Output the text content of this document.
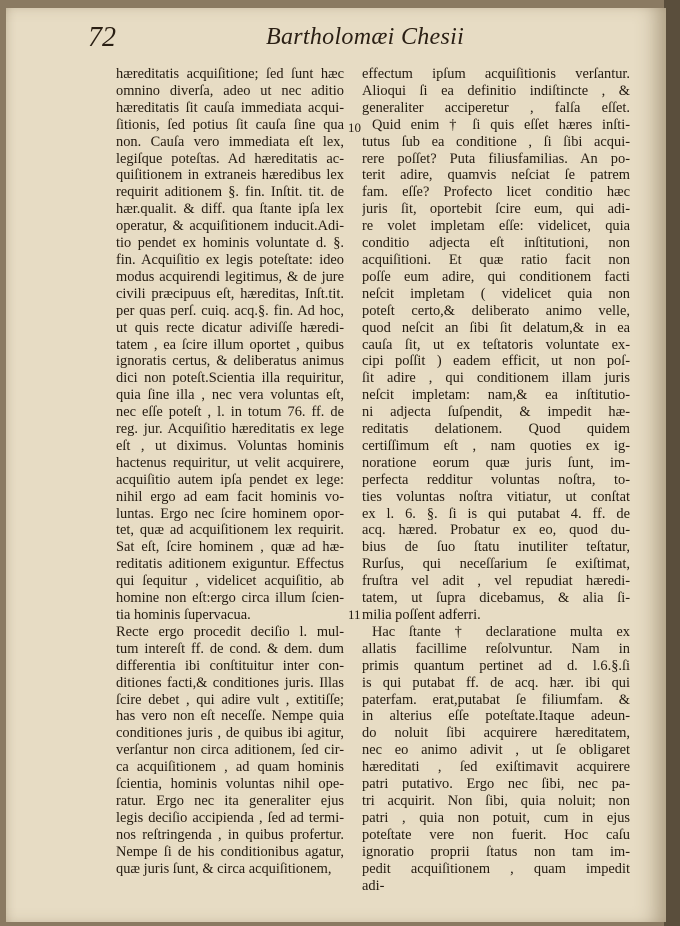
72	Bartholomæi Chesii
hæreditatis acquiſitione; ſed ſunt hæc
omnino diverſa, adeo ut nec aditio
hæreditatis ſit cauſa immediata acqui-
ſitionis, ſed potius ſit cauſa ſine qua
non. Cauſa vero immediata eſt lex,
legiſque poteſtas. Ad hæreditatis ac-
quiſitionem in extraneis hæredibus lex
requirit aditionem §. fin. Inſtit. tit. de
hær.qualit. & diff. qua ſtante ipſa lex
operatur, & acquiſitionem inducit.Adi-
tio pendet ex hominis voluntate d. §.
fin. Acquiſitio ex legis poteſtate: ideo
modus acquirendi legitimus, & de jure
civili præcipuus eſt, hæreditas, Inſt.tit.
per quas perſ. cuiq. acq.§. fin. Ad hoc,
ut quis recte dicatur adiviſſe hæredi-
tatem , ea ſcire illum oportet , quibus
ignoratis certus, & deliberatus animus
dici non poteſt.Scientia illa requiritur,
quia ſine illa , nec vera voluntas eſt,
nec eſſe poteſt , l. in totum 76. ff. de
reg. jur. Acquiſitio hæreditatis ex lege
eſt , ut diximus. Voluntas hominis
hactenus requiritur, ut velit acquirere,
acquiſitio autem ipſa pendet ex lege:
nihil ergo ad eam facit hominis vo-
luntas. Ergo nec ſcire hominem opor-
tet, quæ ad acquiſitionem lex requirit.
Sat eſt, ſcire hominem , quæ ad hæ-
reditatis aditionem exiguntur. Effectus
qui ſequitur , videlicet acquiſitio, ab
homine non eſt:ergo circa illum ſcien-
tia hominis ſupervacua.
Recte ergo procedit deciſio l. mul-
tum intereſt ff. de cond. & dem. dum
differentia ibi conſtituitur inter con-
ditiones facti,& conditiones juris. Illas
ſcire debet , qui adire vult , extitiſſe;
has vero non eſt neceſſe. Nempe quia
conditiones juris , de quibus ibi agitur,
verſantur non circa aditionem, ſed cir-
ca acquiſitionem , ad quam hominis
ſcientia, hominis voluntas nihil ope-
ratur. Ergo nec ita generaliter ejus
legis deciſio accipienda , ſed ad termi-
nos reſtringenda , in quibus profertur.
Nempe ſi de his conditionibus agatur,
quæ juris ſunt, & circa acquiſitionem,
10
11
effectum ipſum acquiſitionis verſantur.
Alioqui ſi ea definitio indiſtincte , &
generaliter acciperetur , falſa eſſet.
Quid enim † ſi quis eſſet hæres inſti-
tutus ſub ea conditione , ſi ſibi acqui-
rere poſſet? Puta filiusfamilias. An po-
terit adire, quamvis neſciat ſe patrem
fam. eſſe? Profecto licet conditio hæc
juris ſit, oportebit ſcire eum, qui adi-
re volet impletam eſſe: videlicet, quia
conditio adjecta eſt inſtitutioni, non
acquiſitioni. Et quæ ratio facit non
poſſe eum adire, qui conditionem facti
neſcit impletam ( videlicet quia non
poteſt certo,& deliberato animo velle,
quod neſcit an ſibi ſit delatum,& in ea
cauſa ſit, ut ex teſtatoris voluntate ex-
cipi poſſit ) eadem efficit, ut non poſ-
ſit adire , qui conditionem illam juris
neſcit impletam: nam,& ea inſtitutio-
ni adjecta ſuſpendit, & impedit hæ-
reditatis delationem. Quod quidem
certiſſimum eſt , nam quoties ex ig-
noratione eorum quæ juris ſunt, im-
perfecta redditur voluntas noſtra, to-
ties voluntas noſtra vitiatur, ut conſtat
ex l. 6. §. ſi is qui putabat 4. ff. de
acq. hæred. Probatur ex eo, quod du-
bius de ſuo ſtatu inutiliter teſtatur,
Rurſus, qui neceſſarium ſe exiſtimat,
fruſtra vel adit , vel repudiat hæredi-
tatem, ut ſupra dicebamus, & alia ſi-
milia poſſent adferri.
Hac ſtante † declaratione multa ex
allatis facillime reſolvuntur. Nam in
primis quantum pertinet ad d. l.6.§.ſi
is qui putabat ff. de acq. hær. ibi qui
paterfam. erat,putabat ſe filiumfam. &
in alterius eſſe poteſtate.Itaque adeun-
do noluit ſibi acquirere hæreditatem,
nec eo animo adivit , ut ſe obligaret
hæreditati , ſed exiſtimavit acquirere
patri putativo. Ergo nec ſibi, nec pa-
tri acquirit. Non ſibi, quia noluit; non
patri , quia non potuit, cum in ejus
poteſtate vere non fuerit. Hoc caſu
ignoratio proprii ſtatus non tam im-
pedit acquiſitionem , quam impedit
adi-
